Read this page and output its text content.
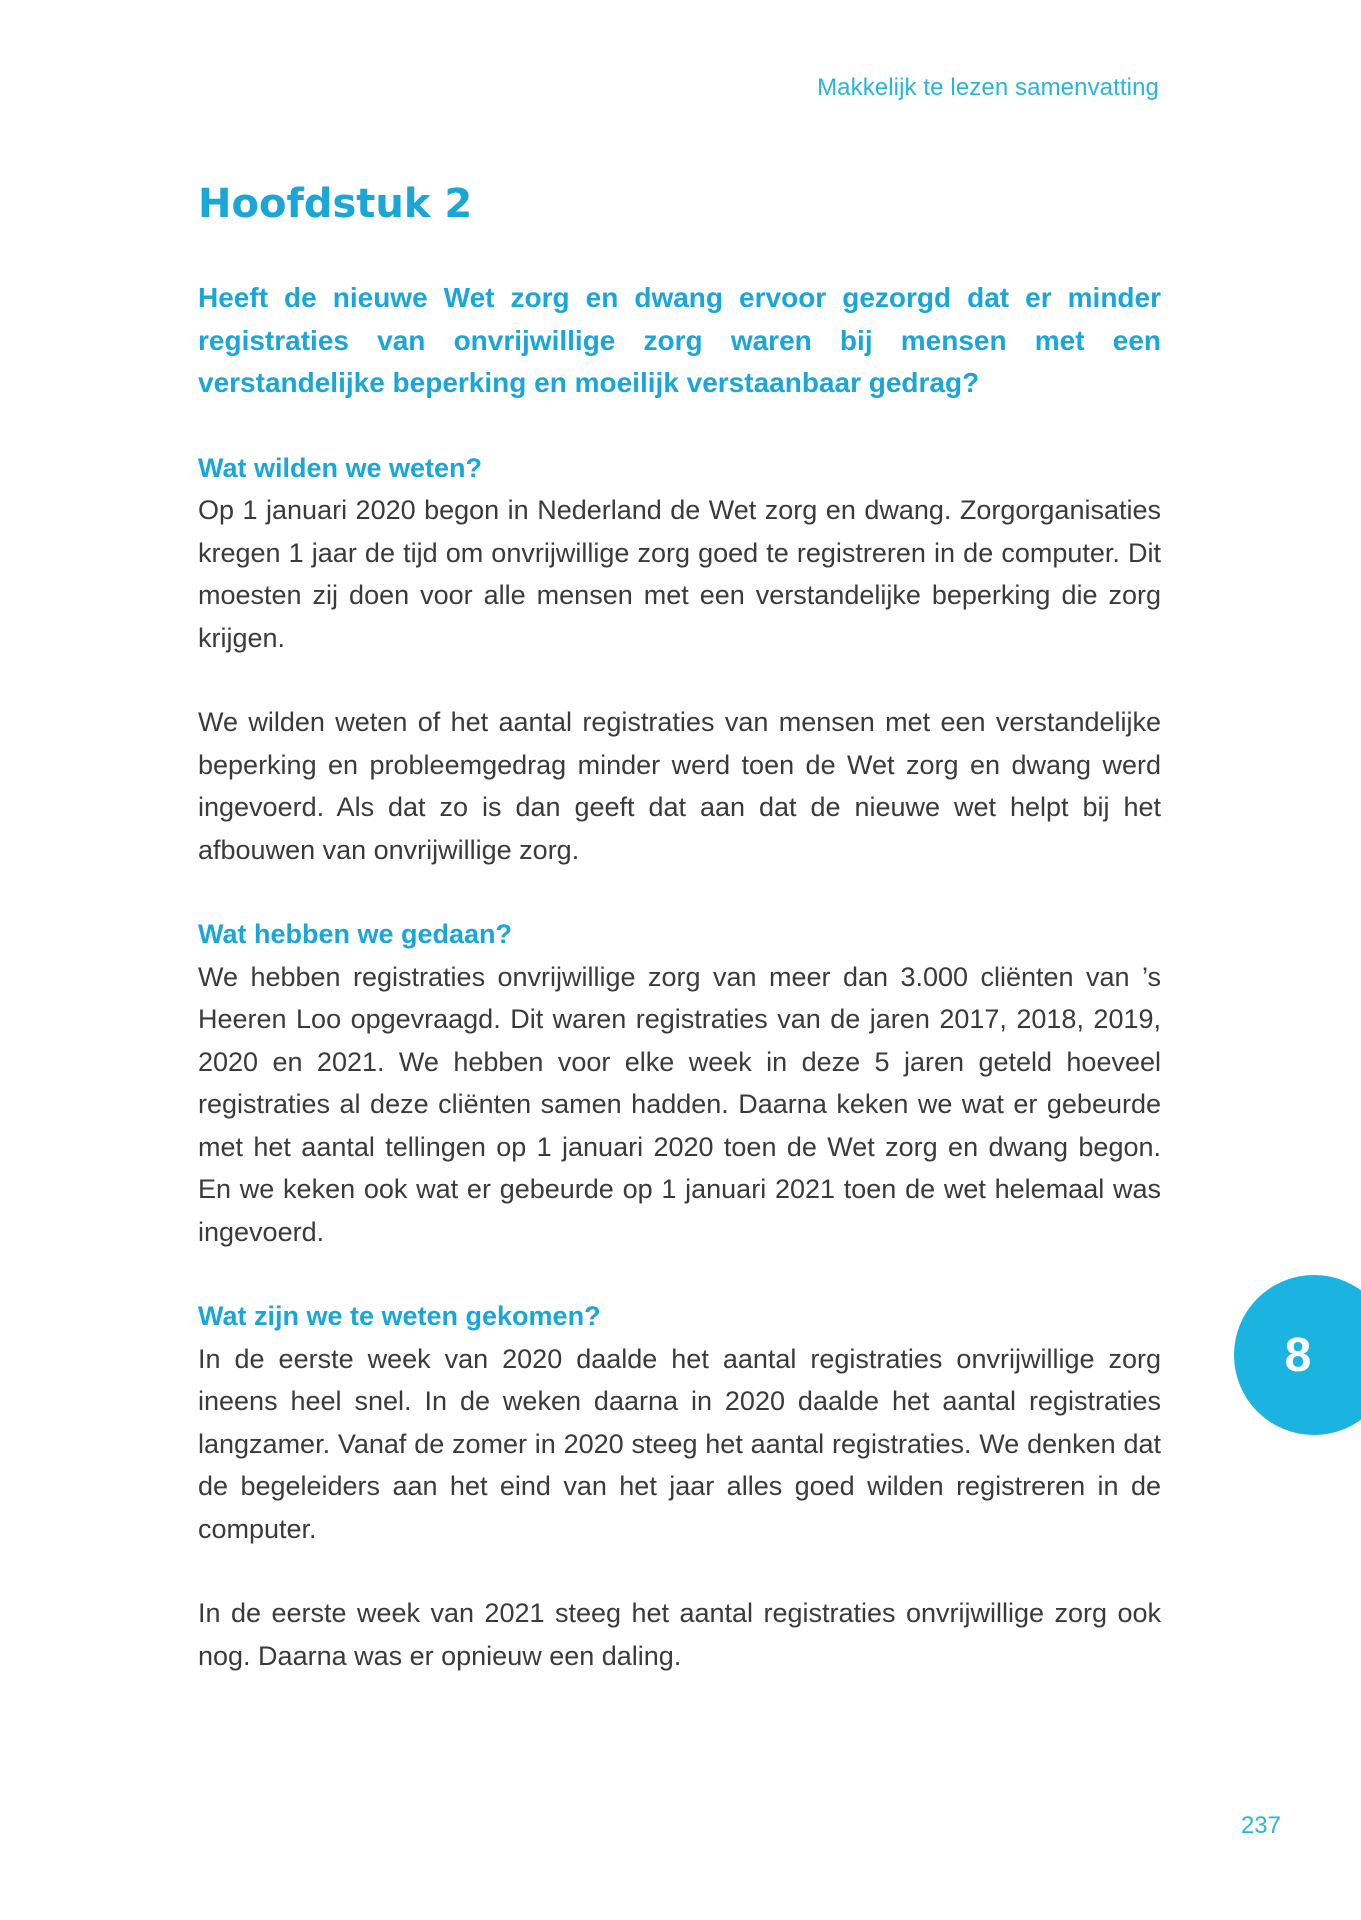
Makkelijk te lezen samenvatting
Hoofdstuk 2

Heeft de nieuwe Wet zorg en dwang ervoor gezorgd dat er minder registraties van onvrijwillige zorg waren bij mensen met een verstandelijke beperking en moeilijk verstaanbaar gedrag?

Wat wilden we weten?

Op 1 januari 2020 begon in Nederland de Wet zorg en dwang. Zorgorganisaties kregen 1 jaar de tijd om onvrijwillige zorg goed te registreren in de computer. Dit moesten zij doen voor alle mensen met een verstandelijke beperking die zorg krijgen.

We wilden weten of het aantal registraties van mensen met een verstandelijke beperking en probleemgedrag minder werd toen de Wet zorg en dwang werd ingevoerd. Als dat zo is dan geeft dat aan dat de nieuwe wet helpt bij het afbouwen van onvrijwillige zorg.

Wat hebben we gedaan?

We hebben registraties onvrijwillige zorg van meer dan 3.000 cliënten van ’s Heeren Loo opgevraagd. Dit waren registraties van de jaren 2017, 2018, 2019, 2020 en 2021. We hebben voor elke week in deze 5 jaren geteld hoeveel registraties al deze cliënten samen hadden. Daarna keken we wat er gebeurde met het aantal tellingen op 1 januari 2020 toen de Wet zorg en dwang begon. En we keken ook wat er gebeurde op 1 januari 2021 toen de wet helemaal was ingevoerd.

Wat zijn we te weten gekomen?

In de eerste week van 2020 daalde het aantal registraties onvrijwillige zorg ineens heel snel. In de weken daarna in 2020 daalde het aantal registraties langzamer. Vanaf de zomer in 2020 steeg het aantal registraties. We denken dat de begeleiders aan het eind van het jaar alles goed wilden registreren in de computer.

In de eerste week van 2021 steeg het aantal registraties onvrijwillige zorg ook nog. Daarna was er opnieuw een daling.

8
237
